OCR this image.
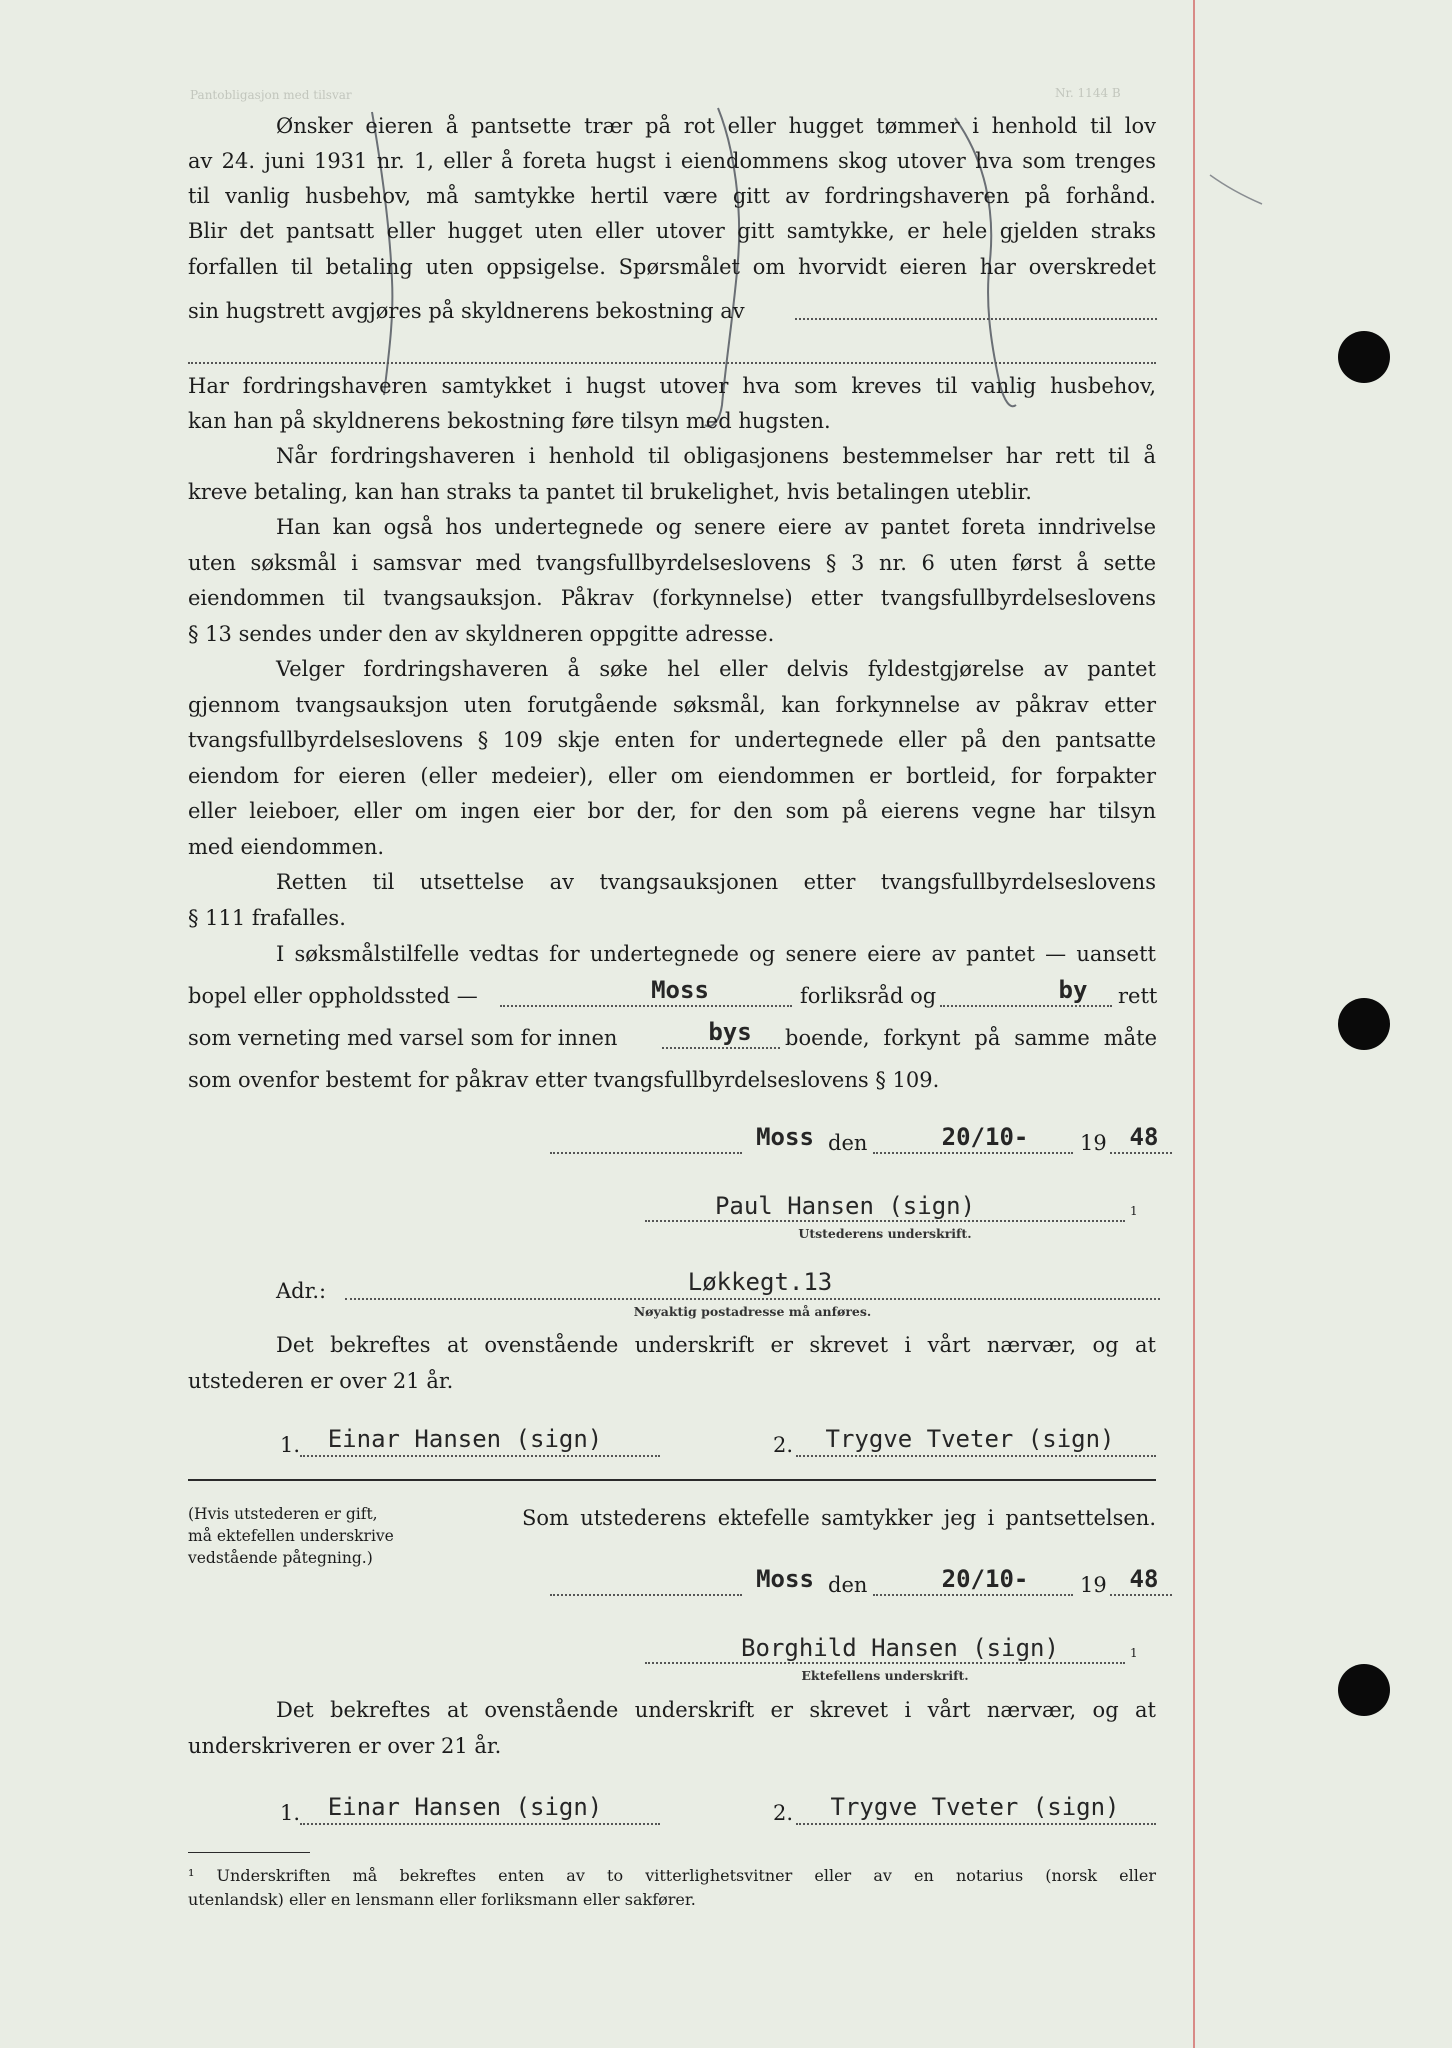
Pantobligasjon med tilsvar	Nr. 1144 B
Ønsker eieren å pantsette trær på rot eller hugget tømmer i henhold til lov
av 24. juni 1931 nr. 1, eller å foreta hugst i eiendommens skog utover hva som trenges
til vanlig husbehov, må samtykke hertil være gitt av fordringshaveren på forhånd.
Blir det pantsatt eller hugget uten eller utover gitt samtykke, er hele gjelden straks
forfallen til betaling uten oppsigelse. Spørsmålet om hvorvidt eieren har overskredet
sin hugstrett avgjøres på skyldnerens bekostning av
Har fordringshaveren samtykket i hugst utover hva som kreves til vanlig husbehov,
kan han på skyldnerens bekostning føre tilsyn med hugsten.
Når fordringshaveren i henhold til obligasjonens bestemmelser har rett til å
kreve betaling, kan han straks ta pantet til brukelighet, hvis betalingen uteblir.
Han kan også hos undertegnede og senere eiere av pantet foreta inndrivelse
uten søksmål i samsvar med tvangsfullbyrdelseslovens § 3 nr. 6 uten først å sette
eiendommen til tvangsauksjon. Påkrav (forkynnelse) etter tvangsfullbyrdelseslovens
§ 13 sendes under den av skyldneren oppgitte adresse.
Velger fordringshaveren å søke hel eller delvis fyldestgjørelse av pantet
gjennom tvangsauksjon uten forutgående søksmål, kan forkynnelse av påkrav etter
tvangsfullbyrdelseslovens § 109 skje enten for undertegnede eller på den pantsatte
eiendom for eieren (eller medeier), eller om eiendommen er bortleid, for forpakter
eller leieboer, eller om ingen eier bor der, for den som på eierens vegne har tilsyn
med eiendommen.
Retten til utsettelse av tvangsauksjonen etter tvangsfullbyrdelseslovens
§ 111 frafalles.
I søksmålstilfelle vedtas for undertegnede og senere eiere av pantet — uansett
bopel eller oppholdssted —	Moss	forliksråd og	by	rett
som verneting med varsel som for innen	bys	boende, forkynt på samme måte
som ovenfor bestemt for påkrav etter tvangsfullbyrdelseslovens § 109.
Moss den	20/10-	19 48
Paul Hansen (sign)	1
Utstederens underskrift.
Adr.:	Løkkegt.13
Nøyaktig postadresse må anføres.
Det bekreftes at ovenstående underskrift er skrevet i vårt nærvær, og at
utstederen er over 21 år.
1.	Einar Hansen (sign)	2.	Trygve Tveter (sign)
(Hvis utstederen er gift,
må ektefellen underskrive
vedstående påtegning.)
Som utstederens ektefelle samtykker jeg i pantsettelsen.
Moss den	20/10-	19 48
Borghild Hansen (sign)	1
Ektefellens underskrift.
Det bekreftes at ovenstående underskrift er skrevet i vårt nærvær, og at
underskriveren er over 21 år.
1.	Einar Hansen (sign)	2.	Trygve Tveter (sign)
¹ Underskriften må bekreftes enten av to vitterlighetsvitner eller av en notarius (norsk eller
utenlandsk) eller en lensmann eller forliksmann eller sakfører.
